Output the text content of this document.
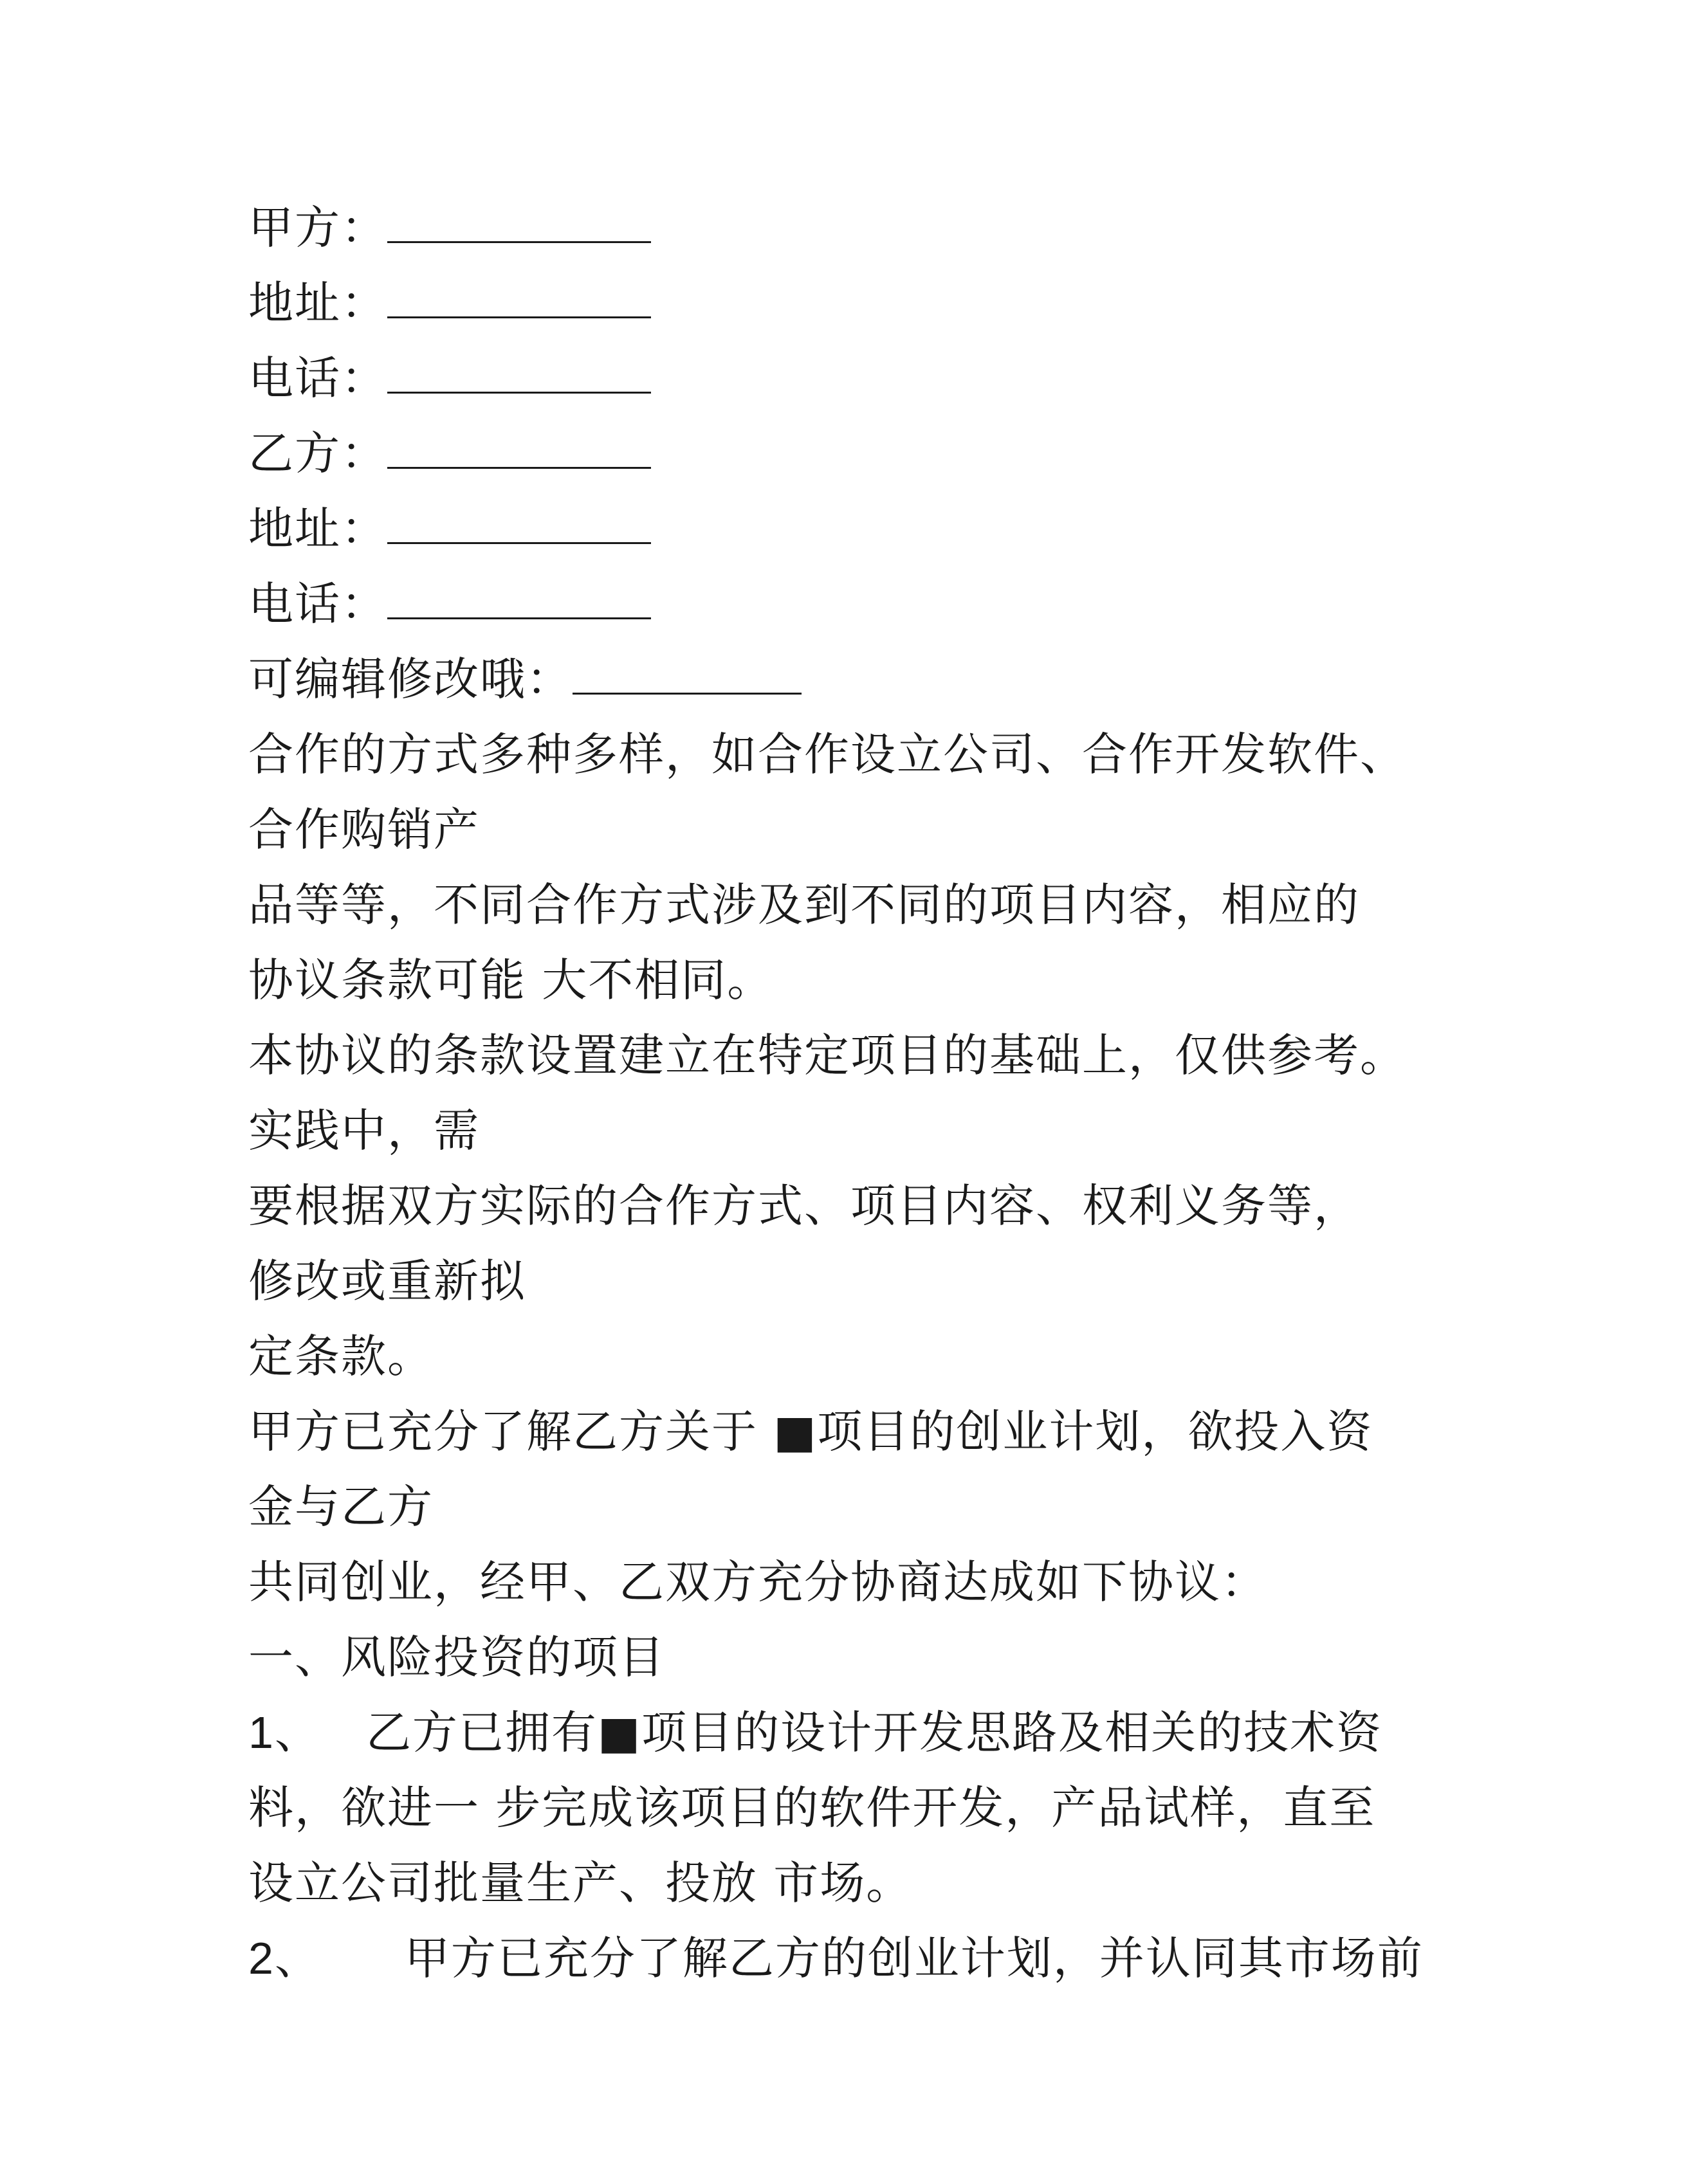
甲方：
地址：
电话：
乙方：
地址：
电话：
可编辑修改哦：
合作的方式多种多样，如合作设立公司、合作开发软件、
合作购销产
品等等，不同合作方式涉及到不同的项目内容，相应的
协议条款可能 大不相同。
本协议的条款设置建立在特定项目的基础上，仅供参考。
实践中，需
要根据双方实际的合作方式、项目内容、权利义务等，
修改或重新拟
定条款。
甲方已充分了解乙方关于 ■项目的创业计划，欲投入资
金与乙方
共同创业，经甲、乙双方充分协商达成如下协议：
一、风险投资的项目
1、 乙方已拥有■项目的设计开发思路及相关的技术资
料，欲进一 步完成该项目的软件开发，产品试样，直至
设立公司批量生产、投放 市场。
2、 甲方已充分了解乙方的创业计划，并认同其市场前
